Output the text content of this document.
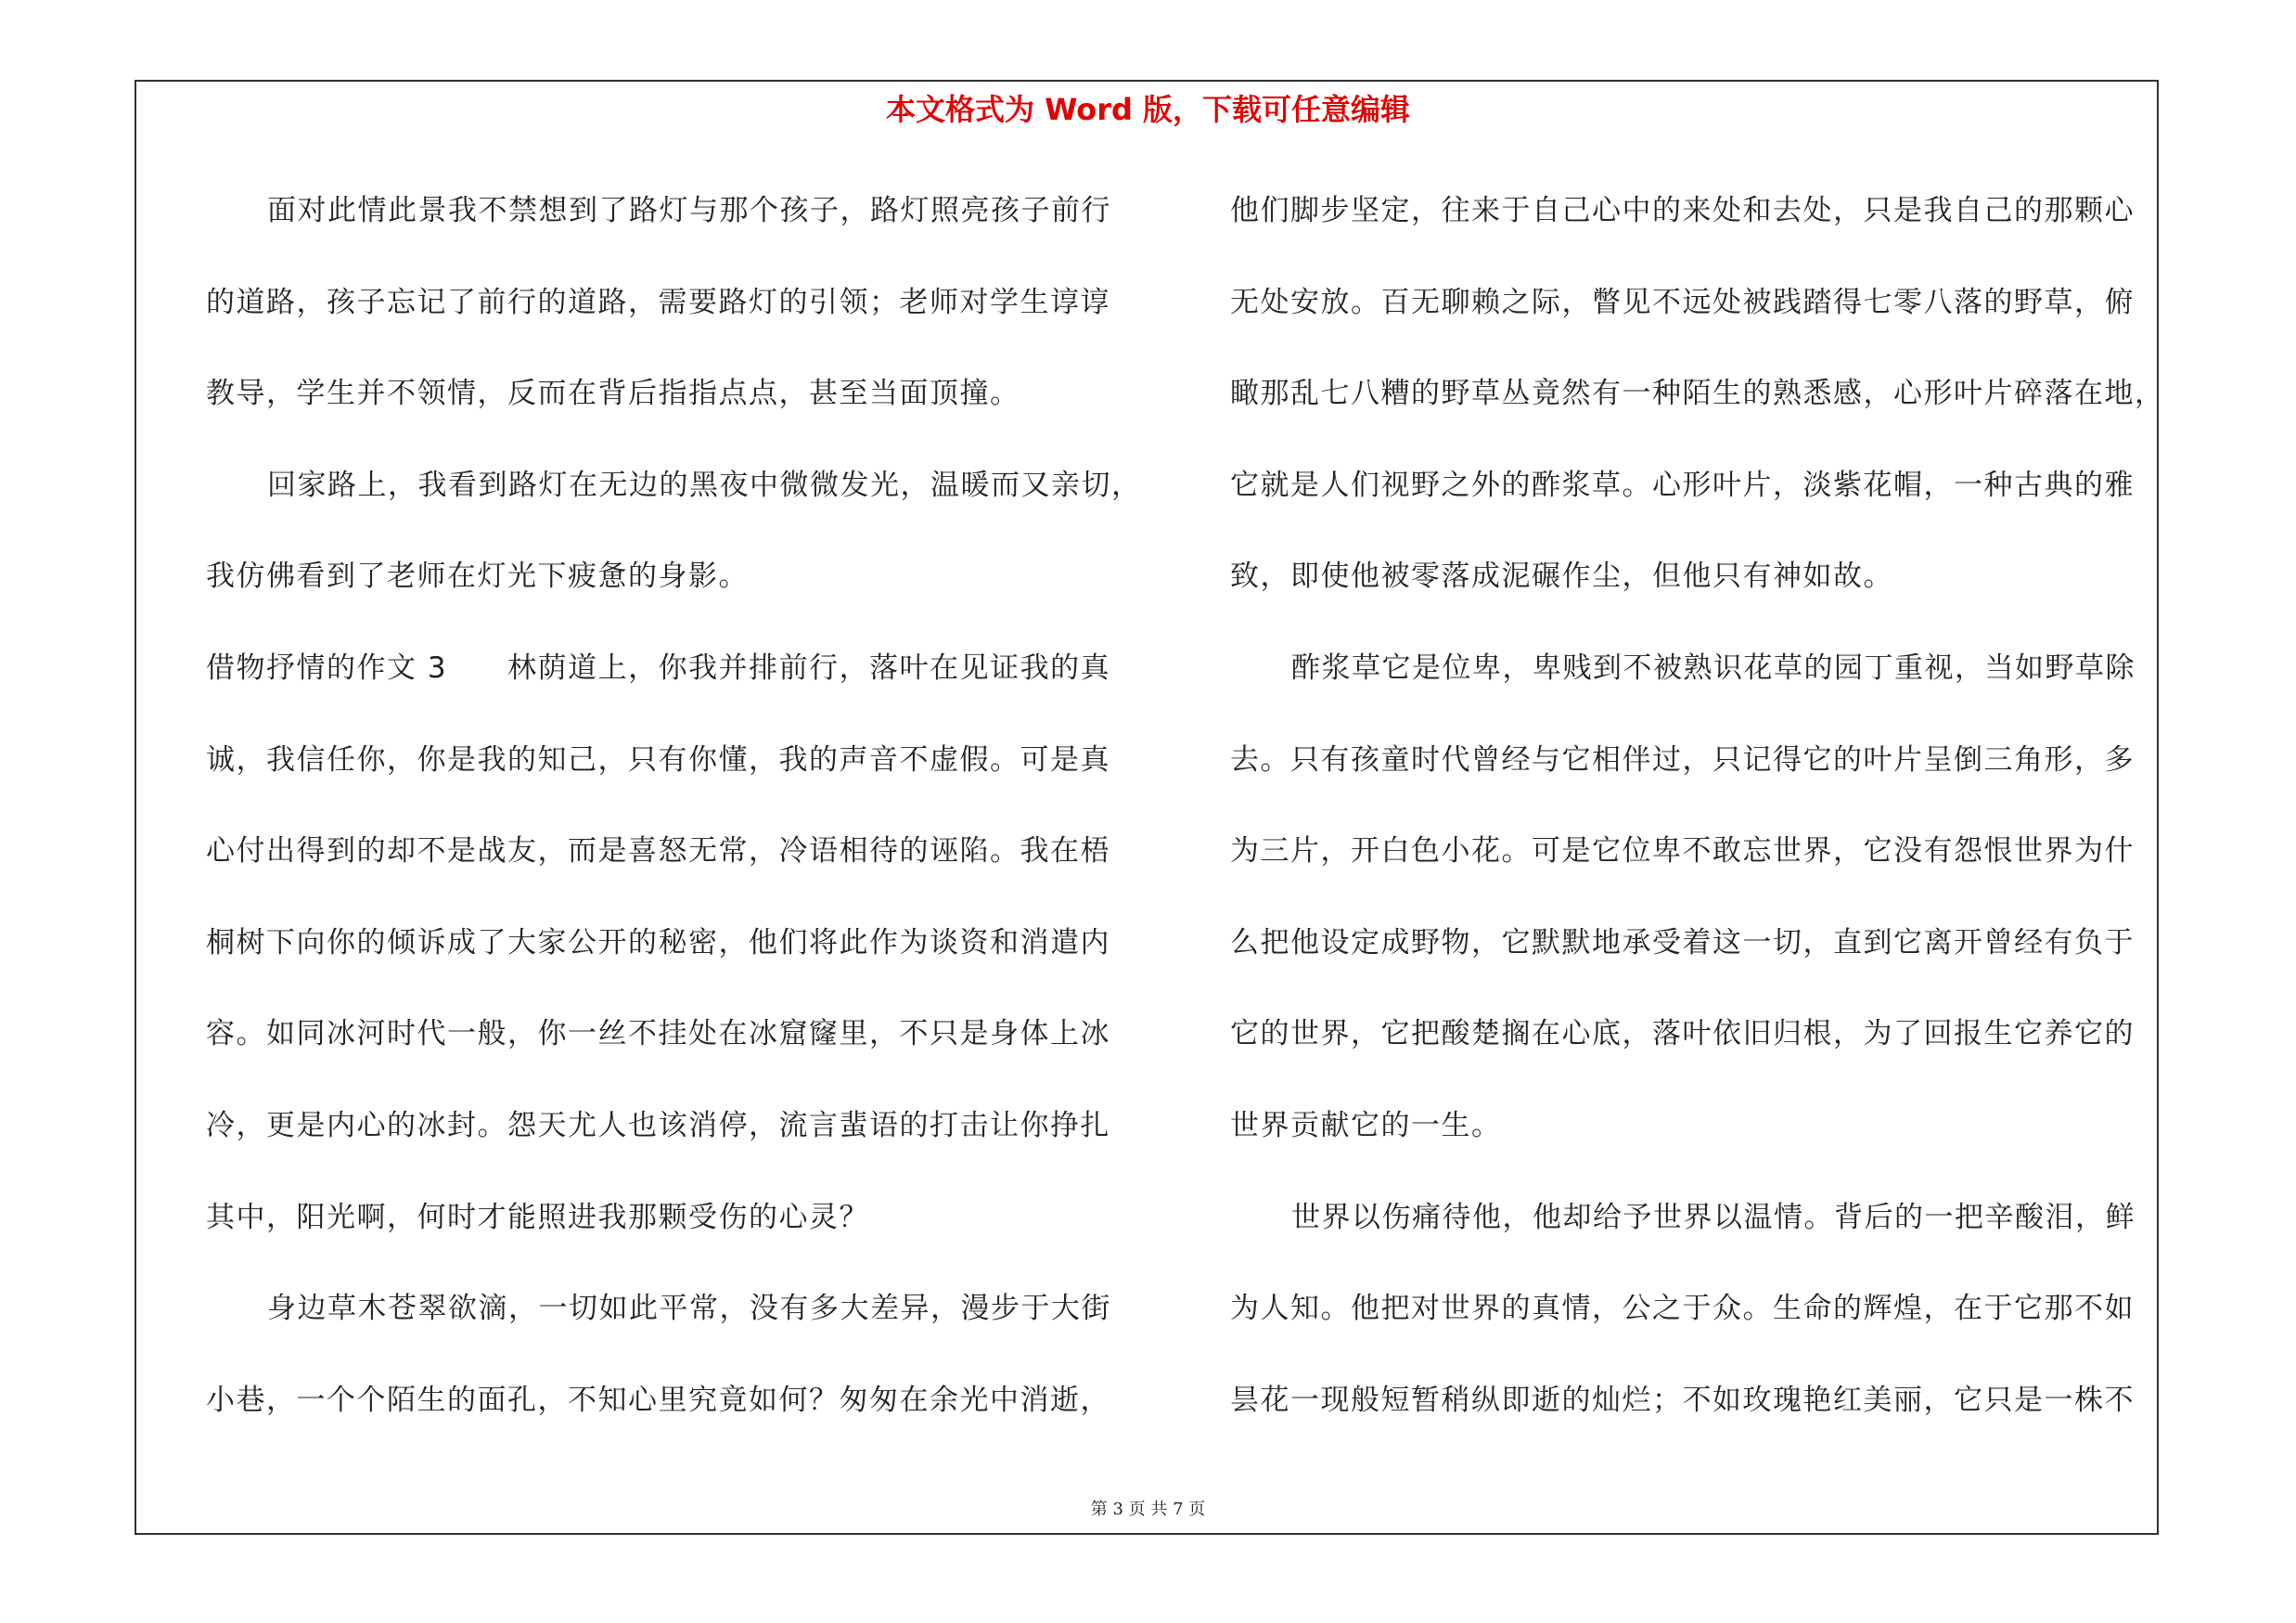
本文格式为 Word 版，下载可任意编辑
面对此情此景我不禁想到了路灯与那个孩子，路灯照亮孩子前行
的道路，孩子忘记了前行的道路，需要路灯的引领；老师对学生谆谆
教导，学生并不领情，反而在背后指指点点，甚至当面顶撞。
回家路上，我看到路灯在无边的黑夜中微微发光，温暖而又亲切，
我仿佛看到了老师在灯光下疲惫的身影。
借物抒情的作文 3　　林荫道上，你我并排前行，落叶在见证我的真
诚，我信任你，你是我的知己，只有你懂，我的声音不虚假。可是真
心付出得到的却不是战友，而是喜怒无常，冷语相待的诬陷。我在梧
桐树下向你的倾诉成了大家公开的秘密，他们将此作为谈资和消遣内
容。如同冰河时代一般，你一丝不挂处在冰窟窿里，不只是身体上冰
冷，更是内心的冰封。怨天尤人也该消停，流言蜚语的打击让你挣扎
其中，阳光啊，何时才能照进我那颗受伤的心灵？
身边草木苍翠欲滴，一切如此平常，没有多大差异，漫步于大街
小巷，一个个陌生的面孔，不知心里究竟如何？匆匆在余光中消逝，
他们脚步坚定，往来于自己心中的来处和去处，只是我自己的那颗心
无处安放。百无聊赖之际，瞥见不远处被践踏得七零八落的野草，俯
瞰那乱七八糟的野草丛竟然有一种陌生的熟悉感，心形叶片碎落在地，
它就是人们视野之外的酢浆草。心形叶片，淡紫花帽，一种古典的雅
致，即使他被零落成泥碾作尘，但他只有神如故。
酢浆草它是位卑，卑贱到不被熟识花草的园丁重视，当如野草除
去。只有孩童时代曾经与它相伴过，只记得它的叶片呈倒三角形，多
为三片，开白色小花。可是它位卑不敢忘世界，它没有怨恨世界为什
么把他设定成野物，它默默地承受着这一切，直到它离开曾经有负于
它的世界，它把酸楚搁在心底，落叶依旧归根，为了回报生它养它的
世界贡献它的一生。
世界以伤痛待他，他却给予世界以温情。背后的一把辛酸泪，鲜
为人知。他把对世界的真情，公之于众。生命的辉煌，在于它那不如
昙花一现般短暂稍纵即逝的灿烂；不如玫瑰艳红美丽，它只是一株不
第 3 页 共 7 页
